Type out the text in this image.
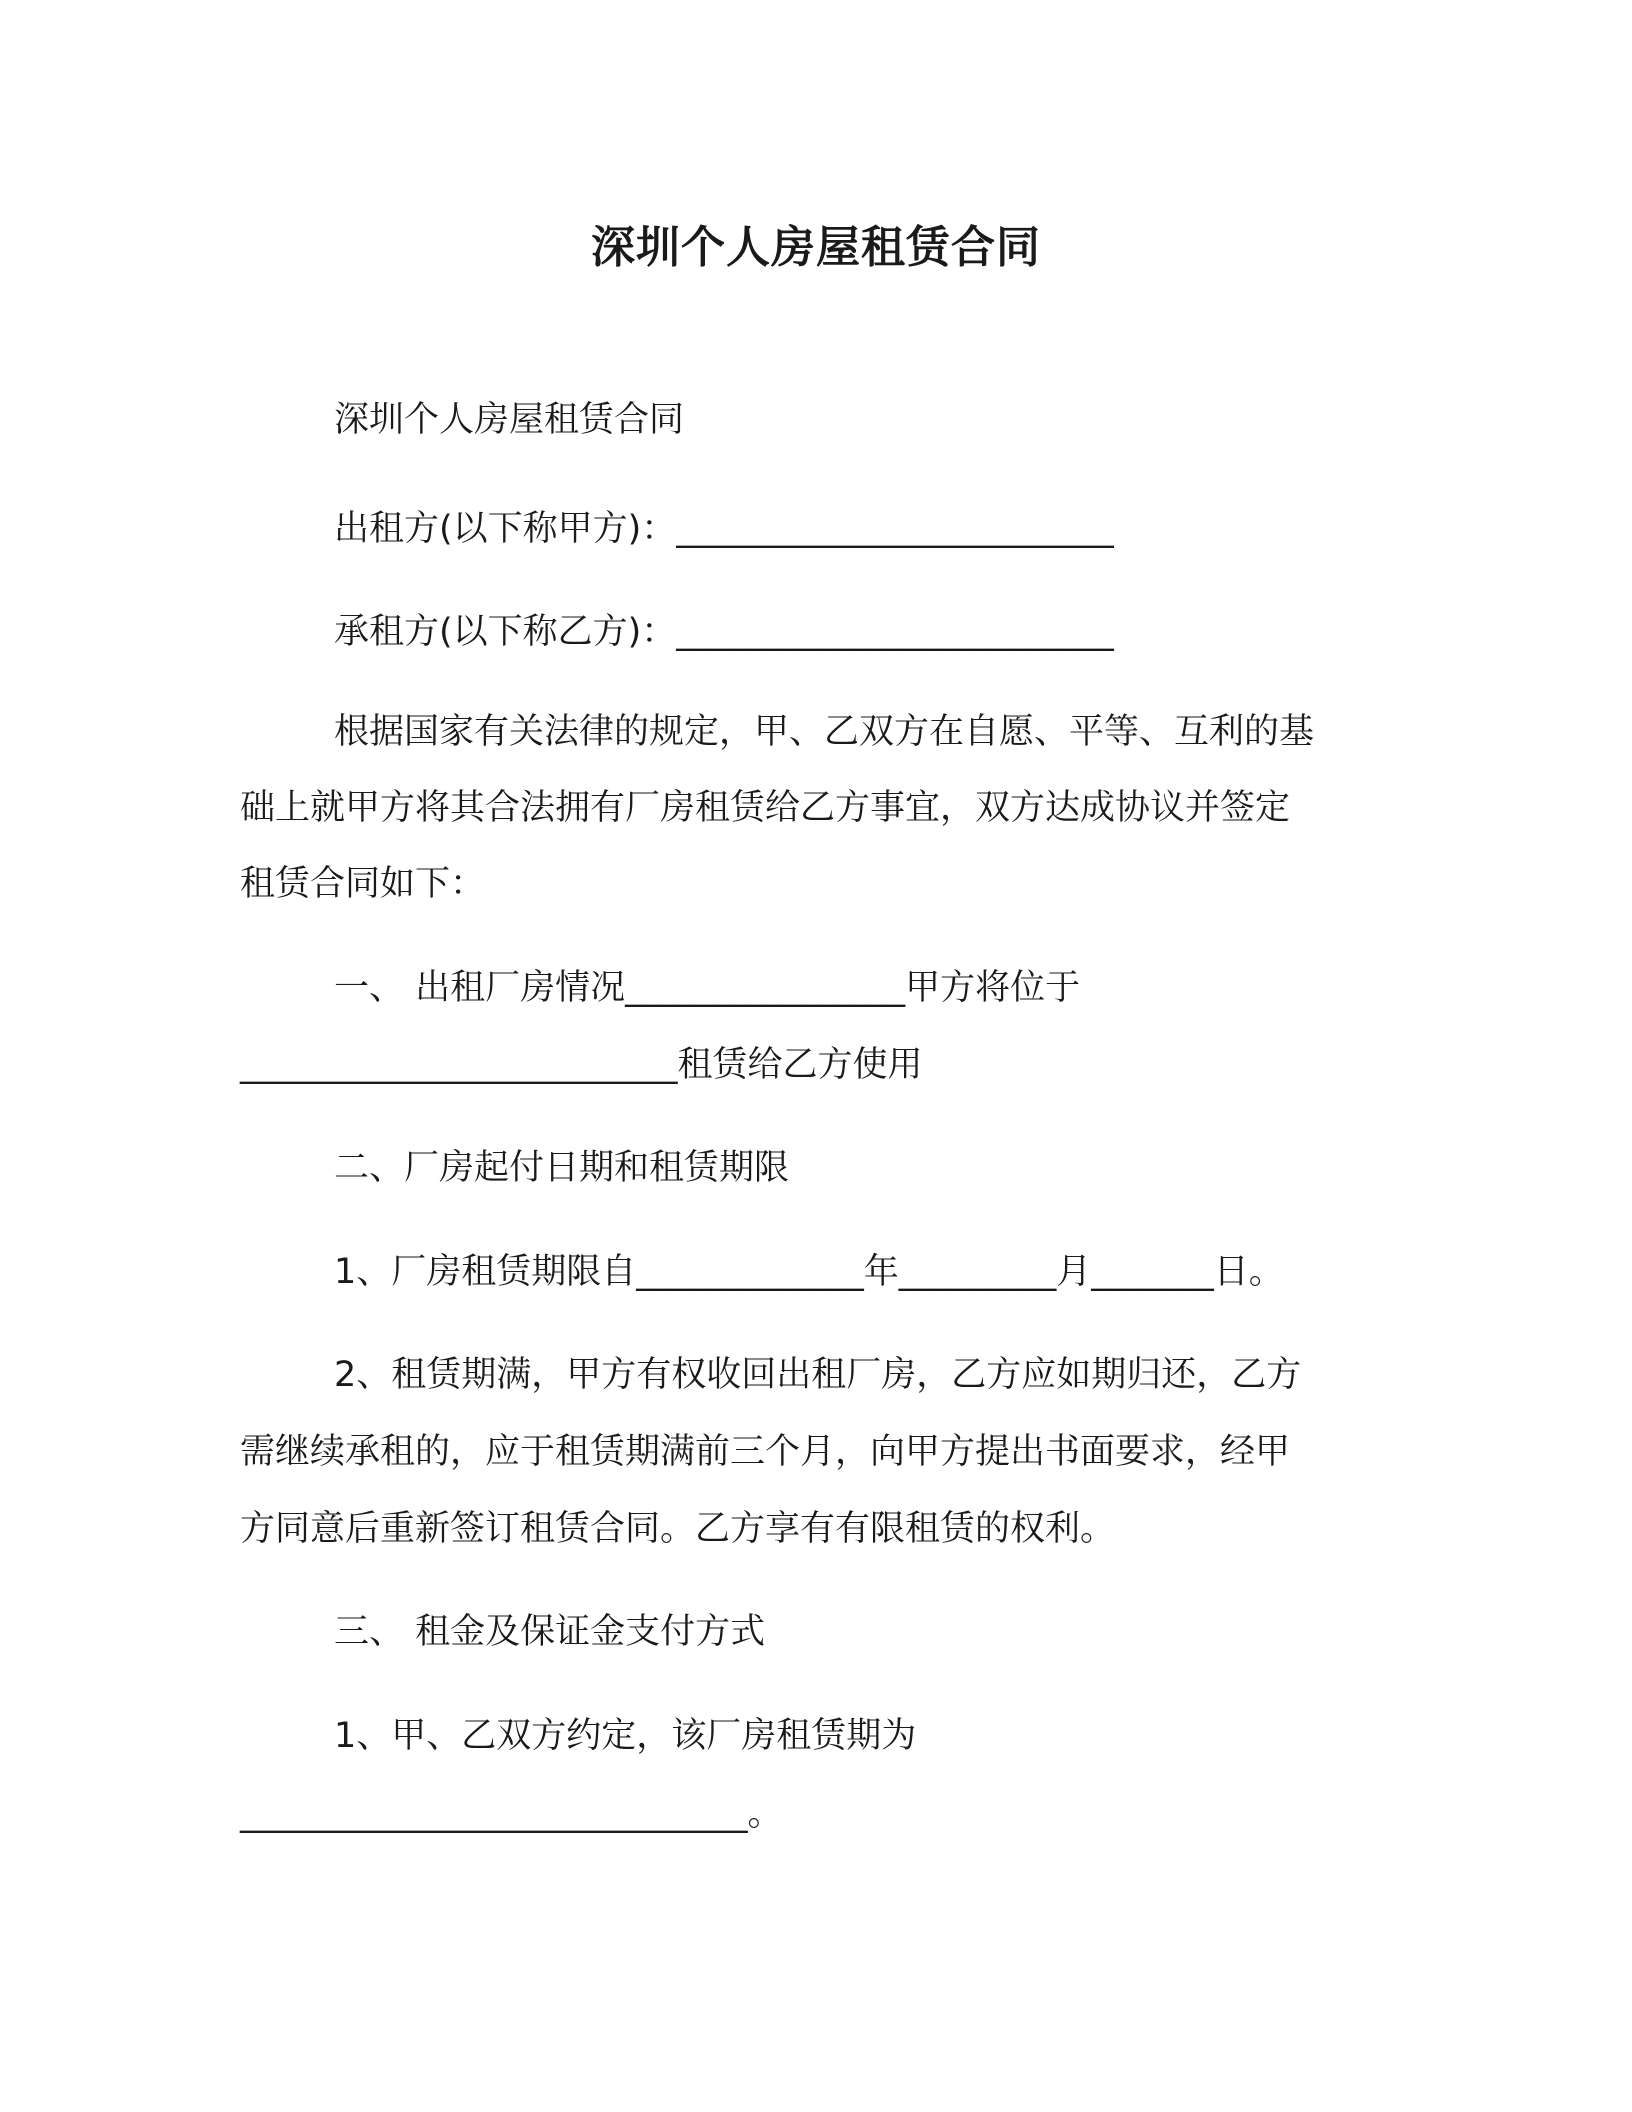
深圳个人房屋租赁合同
深圳个人房屋租赁合同
出租方(以下称甲方)：_________________________
承租方(以下称乙方)：_________________________
根据国家有关法律的规定，甲、乙双方在自愿、平等、互利的基
础上就甲方将其合法拥有厂房租赁给乙方事宜，双方达成协议并签定
租赁合同如下：
一、 出租厂房情况________________甲方将位于
_________________________租赁给乙方使用
二、厂房起付日期和租赁期限
1、厂房租赁期限自_____________年_________月_______日。
2、租赁期满，甲方有权收回出租厂房，乙方应如期归还，乙方
需继续承租的，应于租赁期满前三个月，向甲方提出书面要求，经甲
方同意后重新签订租赁合同。乙方享有有限租赁的权利。
三、 租金及保证金支付方式
1、甲、乙双方约定，该厂房租赁期为
_____________________________。
